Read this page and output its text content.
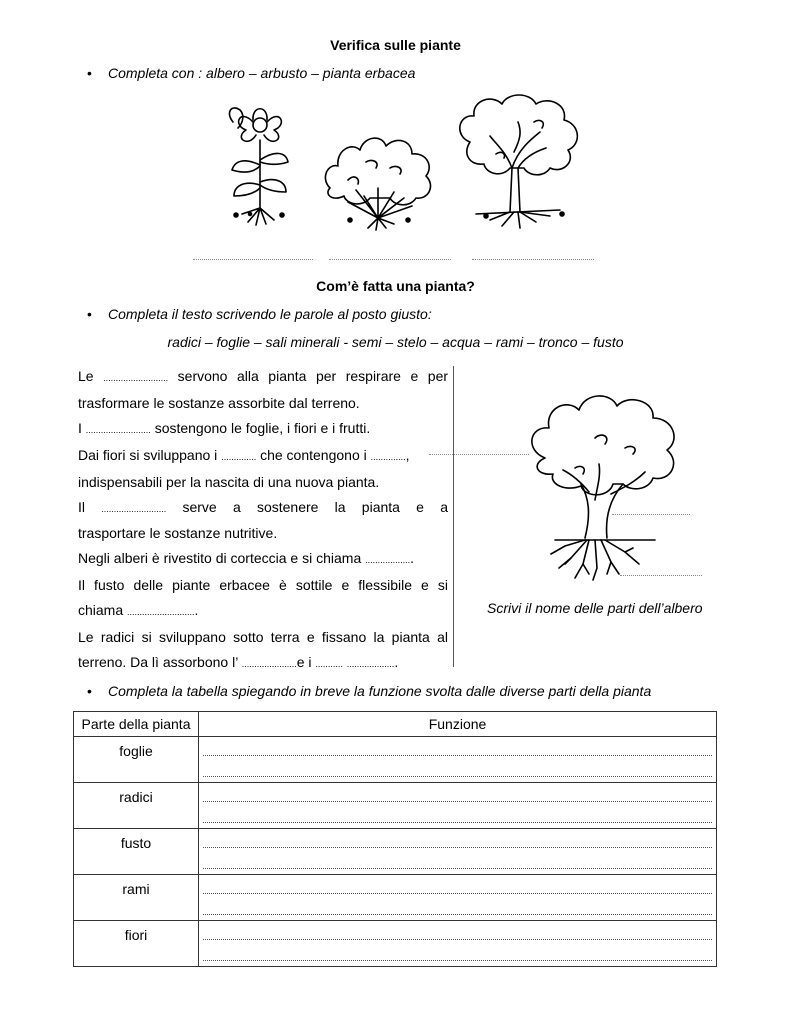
Verifica sulle piante
• Completa con : albero – arbusto – pianta erbacea
Com’è fatta una pianta?
• Completa il testo scrivendo le parole al posto giusto:
radici – foglie – sali minerali - semi – stelo – acqua – rami – tronco – fusto

Le .......................... servono alla pianta per respirare e per

trasformare le sostanze assorbite dal terreno.

I .......................... sostengono le foglie, i fiori e i frutti.

Dai fiori si sviluppano i .............. che contengono i ..............,

indispensabili per la nascita di una nuova pianta.

Il .......................... serve a sostenere la pianta e a

trasportare le sostanze nutritive.

Negli alberi è rivestito di corteccia e si chiama ...................

Il fusto delle piante erbacee è sottile e flessibile e si

chiama ............................

Le radici si sviluppano sotto terra e fissano la pianta al

terreno. Da lì assorbono l’ ......................e i ........... ....................

Scrivi il nome delle parti dell’albero
• Completa la tabella spiegando in breve la funzione svolta dalle diverse parti della pianta
Parte della pianta	Funzione
foglie	

radici	

fusto	

rami	

fiori	
